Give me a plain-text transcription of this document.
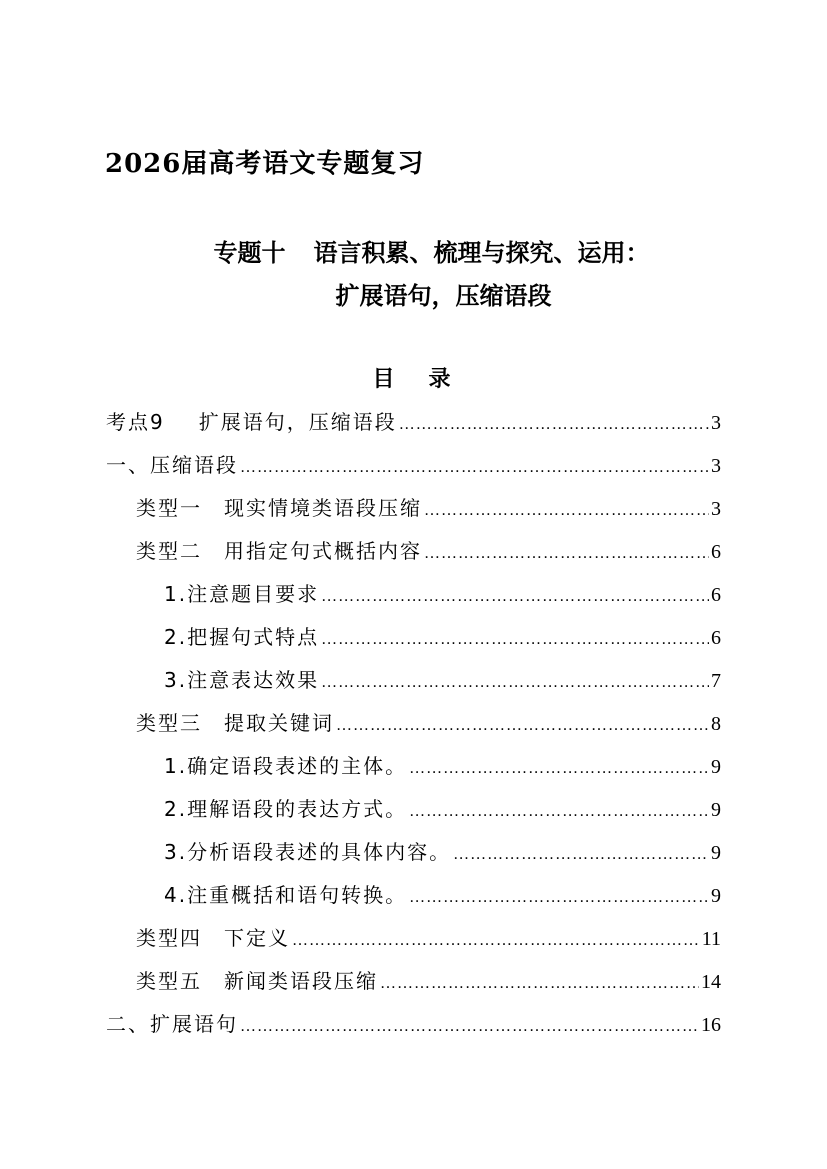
2026届高考语文专题复习
专题十 语言积累、梳理与探究、运用：
扩展语句，压缩语段
目录
考点9 扩展语句，压缩语段 ……………………………………………………………………………………………………………………………………	3
一、压缩语段 ……………………………………………………………………………………………………………………………………	3
类型一 现实情境类语段压缩 ……………………………………………………………………………………………………………………………………	3
类型二 用指定句式概括内容 ……………………………………………………………………………………………………………………………………	6
1.注意题目要求 ……………………………………………………………………………………………………………………………………	6
2.把握句式特点 ……………………………………………………………………………………………………………………………………	6
3.注意表达效果 ……………………………………………………………………………………………………………………………………	7
类型三 提取关键词 ……………………………………………………………………………………………………………………………………	8
1.确定语段表述的主体。 ……………………………………………………………………………………………………………………………………	9
2.理解语段的表达方式。 ……………………………………………………………………………………………………………………………………	9
3.分析语段表述的具体内容。 ……………………………………………………………………………………………………………………………………	9
4.注重概括和语句转换。 ……………………………………………………………………………………………………………………………………	9
类型四 下定义 ……………………………………………………………………………………………………………………………………	11
类型五 新闻类语段压缩 ……………………………………………………………………………………………………………………………………	14
二、扩展语句 ……………………………………………………………………………………………………………………………………	16
